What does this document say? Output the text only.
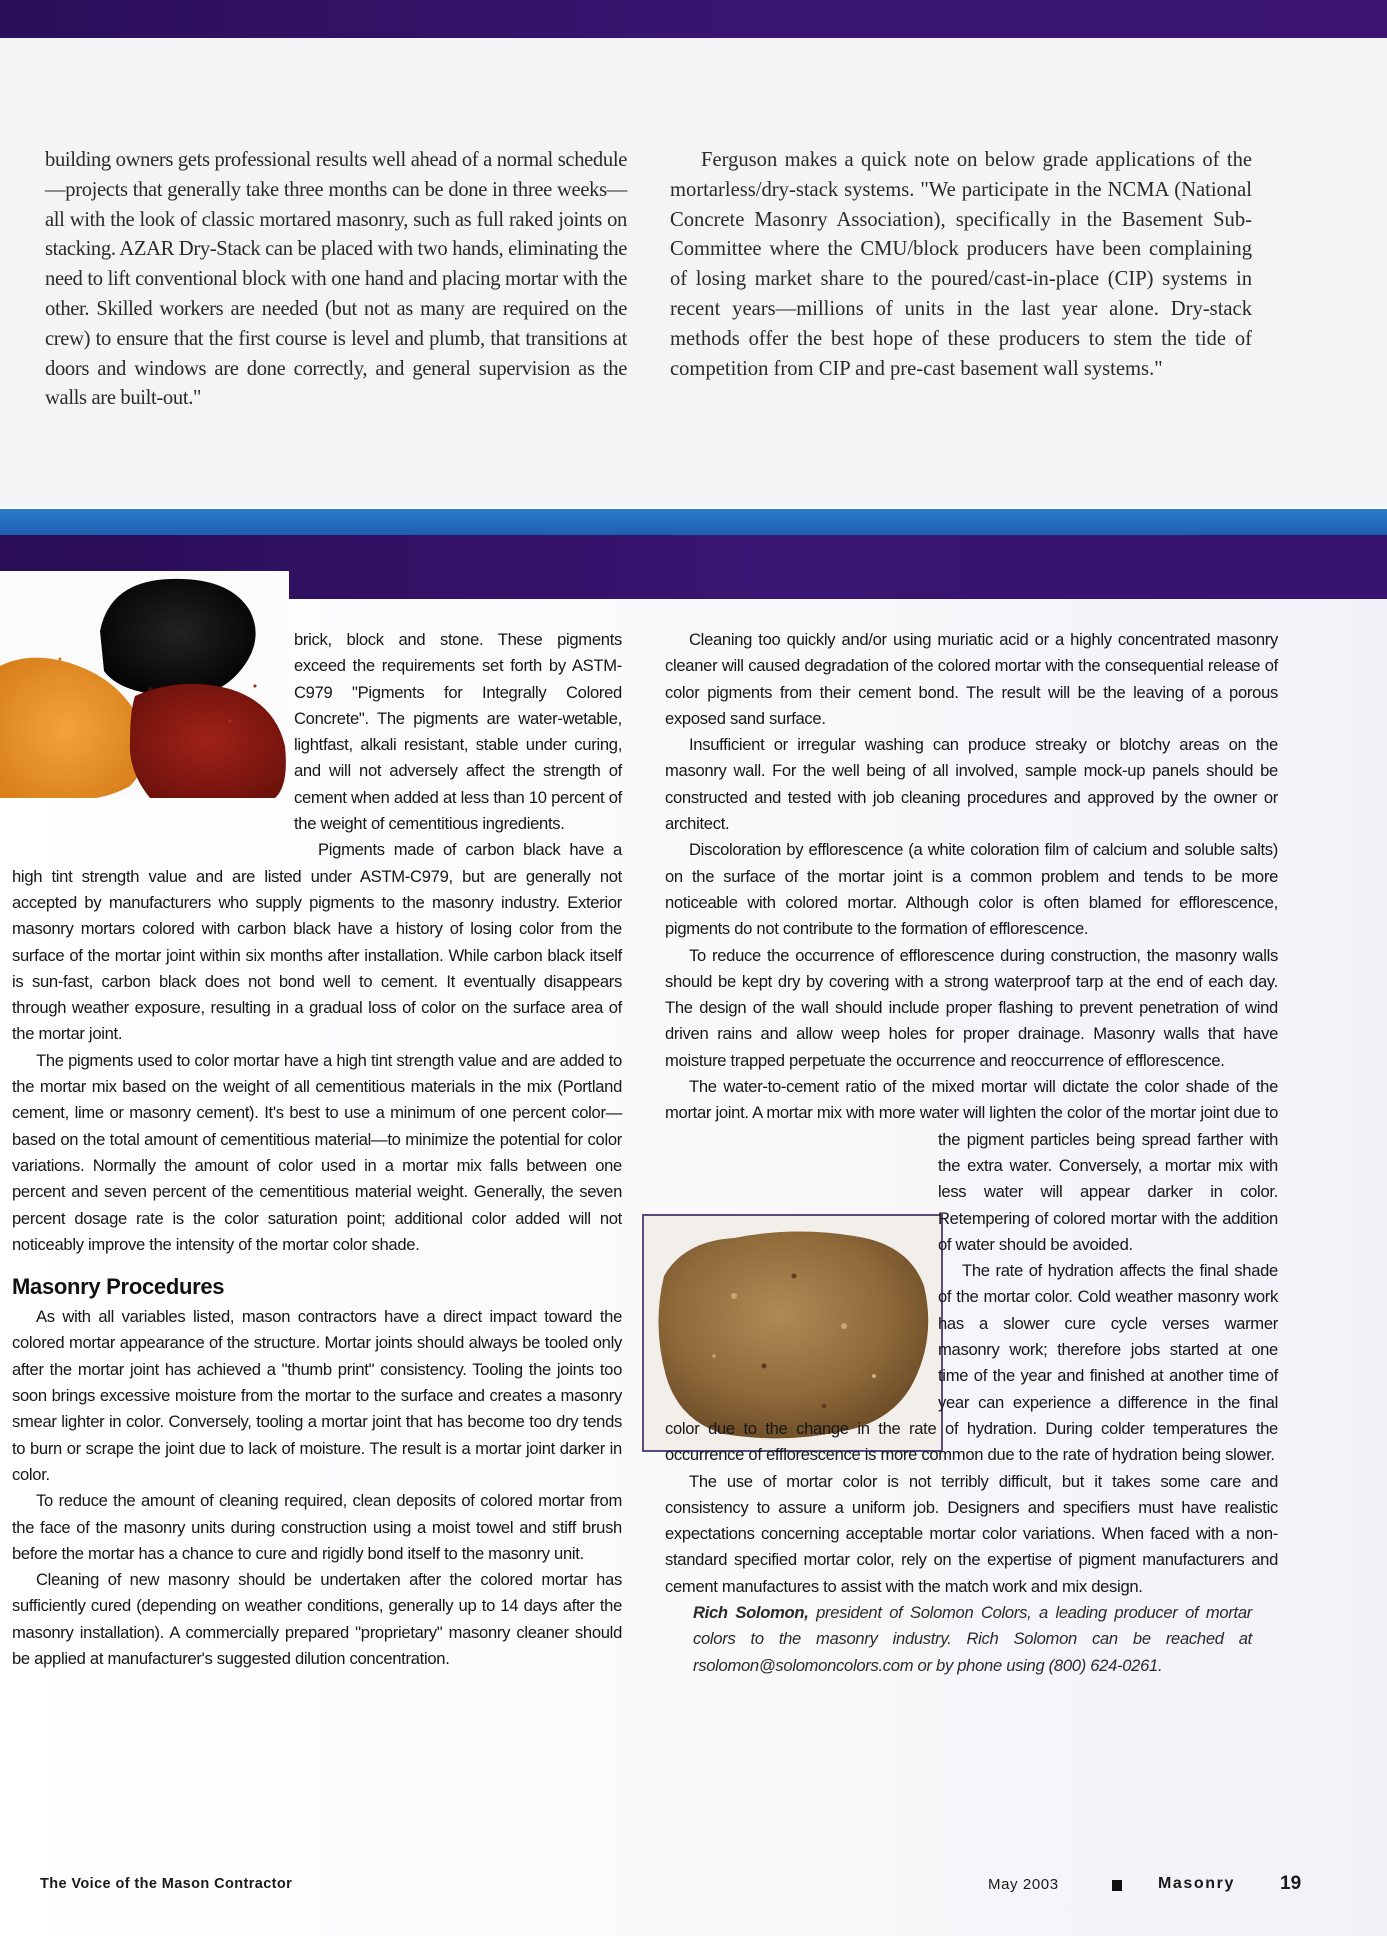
building owners gets professional results well ahead of a normal schedule—projects that generally take three months can be done in three weeks—all with the look of classic mortared masonry, such as full raked joints on stacking. AZAR Dry-Stack can be placed with two hands, eliminating the need to lift conventional block with one hand and placing mortar with the other. Skilled workers are needed (but not as many are required on the crew) to ensure that the first course is level and plumb, that transitions at doors and windows are done correctly, and general supervision as the walls are built-out."

Ferguson makes a quick note on below grade applications of the mortarless/dry-stack systems. "We participate in the NCMA (National Concrete Masonry Association), specifically in the Basement Sub-Committee where the CMU/block producers have been complaining of losing market share to the poured/cast-in-place (CIP) systems in recent years—millions of units in the last year alone. Dry-stack methods offer the best hope of these producers to stem the tide of competition from CIP and pre-cast basement wall systems."

brick, block and stone. These pigments exceed the requirements set forth by ASTM-C979 "Pigments for Integrally Colored Concrete". The pigments are water-wetable, lightfast, alkali resistant, stable under curing, and will not adversely affect the strength of cement when added at less than 10 percent of the weight of cementitious ingredients.

Pigments made of carbon black have a high tint strength value and are listed under ASTM-C979, but are generally not accepted by manufacturers who supply pigments to the masonry industry. Exterior masonry mortars colored with carbon black have a history of losing color from the surface of the mortar joint within six months after installation. While carbon black itself is sun-fast, carbon black does not bond well to cement. It eventually disappears through weather exposure, resulting in a gradual loss of color on the surface area of the mortar joint.

The pigments used to color mortar have a high tint strength value and are added to the mortar mix based on the weight of all cementitious materials in the mix (Portland cement, lime or masonry cement). It's best to use a minimum of one percent color—based on the total amount of cementitious material—to minimize the potential for color variations. Normally the amount of color used in a mortar mix falls between one percent and seven percent of the cementitious material weight. Generally, the seven percent dosage rate is the color saturation point; additional color added will not noticeably improve the intensity of the mortar color shade.

Masonry Procedures

As with all variables listed, mason contractors have a direct impact toward the colored mortar appearance of the structure. Mortar joints should always be tooled only after the mortar joint has achieved a "thumb print" consistency. Tooling the joints too soon brings excessive moisture from the mortar to the surface and creates a masonry smear lighter in color. Conversely, tooling a mortar joint that has become too dry tends to burn or scrape the joint due to lack of moisture. The result is a mortar joint darker in color.

To reduce the amount of cleaning required, clean deposits of colored mortar from the face of the masonry units during construction using a moist towel and stiff brush before the mortar has a chance to cure and rigidly bond itself to the masonry unit.

Cleaning of new masonry should be undertaken after the colored mortar has sufficiently cured (depending on weather conditions, generally up to 14 days after the masonry installation). A commercially prepared "proprietary" masonry cleaner should be applied at manufacturer's suggested dilution concentration.

Cleaning too quickly and/or using muriatic acid or a highly concentrated masonry cleaner will caused degradation of the colored mortar with the consequential release of color pigments from their cement bond. The result will be the leaving of a porous exposed sand surface.

Insufficient or irregular washing can produce streaky or blotchy areas on the masonry wall. For the well being of all involved, sample mock-up panels should be constructed and tested with job cleaning procedures and approved by the owner or architect.

Discoloration by efflorescence (a white coloration film of calcium and soluble salts) on the surface of the mortar joint is a common problem and tends to be more noticeable with colored mortar. Although color is often blamed for efflorescence, pigments do not contribute to the formation of efflorescence.

To reduce the occurrence of efflorescence during construction, the masonry walls should be kept dry by covering with a strong waterproof tarp at the end of each day. The design of the wall should include proper flashing to prevent penetration of wind driven rains and allow weep holes for proper drainage. Masonry walls that have moisture trapped perpetuate the occurrence and reoccurrence of efflorescence.

The water-to-cement ratio of the mixed mortar will dictate the color shade of the mortar joint. A mortar mix with more water will lighten the color of the mortar joint due to the pigment particles being spread far
ther with the extra water. Conversely, a mortar mix with less water will appear darker in color. Retempering of colored mortar with the addition of water should be avoided.

The rate of hydration affects the final shade of the mortar color. Cold weather masonry work has a slower cure cycle verses warmer masonry work; therefore jobs started at one time of the year and finished at another time of year can experience a difference in the final color due to the change in the rate of hydration. During colder temperatures the occurrence of efflorescence is more common due to the rate of hydration being slower.

The use of mortar color is not terribly difficult, but it takes some care and consistency to assure a uniform job. Designers and specifiers must have realistic expectations concerning acceptable mortar color variations. When faced with a non-standard specified mortar color, rely on the expertise of pigment manufacturers and cement manufactures to assist with the match work and mix design.

Rich Solomon, president of Solomon Colors, a leading producer of mortar colors to the masonry industry. Rich Solomon can be reached at rsolomon@solomoncolors.com or by phone using (800) 624-0261.

The Voice of the Mason Contractor	May 2003	Masonry 19
